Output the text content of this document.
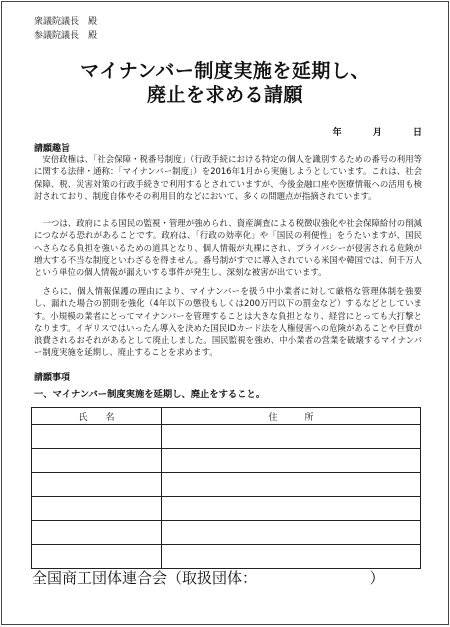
衆議院議長　殿
参議院議長　殿
マイナンバー制度実施を延期し、
廃止を求める請願
年	月	日
請願趣旨

安倍政権は、「社会保障・税番号制度」（行政手続における特定の個人を識別するための番号の利用等に関する法律・通称：「マイナンバー制度」）を2016年1月から実施しようとしています。これは、社会保障、税、災害対策の行政手続きで利用するとされていますが、今後金融口座や医療情報への活用も検討されており、制度自体やその利用目的などにおいて、多くの問題点が指摘されています。

一つは、政府による国民の監視・管理が強められ、資産調査による税徴収強化や社会保障給付の削減につながる恐れがあることです。政府は、「行政の効率化」や「国民の利便性」をうたいますが、国民へさらなる負担を強いるための道具となり、個人情報が丸裸にされ、プライバシーが侵害される危険が増大する不当な制度といわざるを得ません。番号制がすでに導入されている米国や韓国では、何千万人という単位の個人情報が漏えいする事件が発生し、深刻な被害が出ています。

さらに、個人情報保護の理由により、マイナンバーを扱う中小業者に対して厳格な管理体制を強要し、漏れた場合の罰則を強化（4年以下の懲役もしくは200万円以下の罰金など）するなどとしています。小規模の業者にとってマイナンバーを管理することは大きな負担となり、経営にとっても大打撃となります。イギリスではいったん導入を決めた国民IDカード法を人権侵害への危険があることや巨費が浪費されるおそれがあるとして廃止しました。国民監視を強め、中小業者の営業を破壊するマイナンバー制度実施を延期し、廃止することを求めます。

請願事項
一、マイナンバー制度実施を延期し、廃止をすること。
氏　　名	住　　　所

全国商工団体連合会（取扱団体：	）
